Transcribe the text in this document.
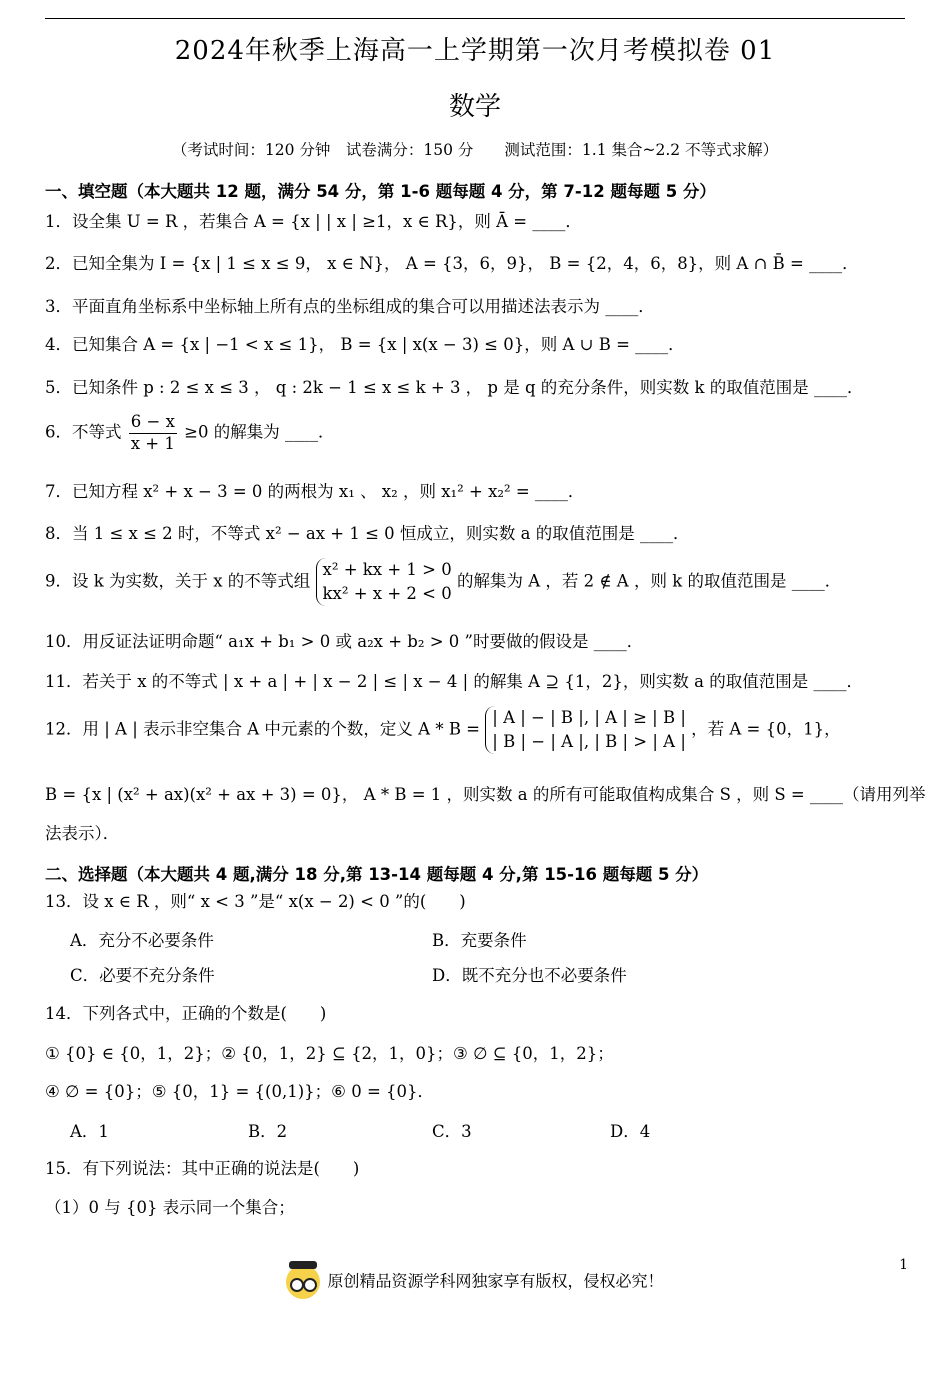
2024年秋季上海高一上学期第一次月考模拟卷 01
数学
（考试时间：120 分钟　试卷满分：150 分　　测试范围：1.1 集合~2.2 不等式求解）
一、填空题（本大题共 12 题，满分 54 分，第 1-6 题每题 4 分，第 7-12 题每题 5 分）
1．设全集 U = R ，若集合 A = {x | | x | ≥1，x ∈ R}，则 Ā = ____．
2．已知全集为 I = {x | 1 ≤ x ≤ 9， x ∈ N}， A = {3，6，9}， B = {2，4，6，8}，则 A ∩ B̄ = ____．
3．平面直角坐标系中坐标轴上所有点的坐标组成的集合可以用描述法表示为 ____．
4．已知集合 A = {x | −1 < x ≤ 1}， B = {x | x(x − 3) ≤ 0}，则 A ∪ B = ____．
5．已知条件 p : 2 ≤ x ≤ 3 ， q : 2k − 1 ≤ x ≤ k + 3 ， p 是 q 的充分条件，则实数 k 的取值范围是 ____．
6．不等式 $\frac{6 - x}{x + 1} \ge 0$ 的解集为 ____．
7．已知方程 x² + x − 3 = 0 的两根为 x₁ 、 x₂ ，则 x₁² + x₂² = ____．
8．当 1 ≤ x ≤ 2 时，不等式 x² − ax + 1 ≤ 0 恒成立，则实数 a 的取值范围是 ____．
9．设 k 为实数，关于 x 的不等式组
x² + kx + 1 > 0
kx² + x + 2 < 0
的解集为 A ，若 2 ∉ A ，则 k 的取值范围是 ____．
10．用反证法证明命题“ a₁x + b₁ > 0 或 a₂x + b₂ > 0 ”时要做的假设是 ____．
11．若关于 x 的不等式 | x + a | + | x − 2 | ≤ | x − 4 | 的解集 A ⊇ {1，2}，则实数 a 的取值范围是 ____．
12．用 | A | 表示非空集合 A 中元素的个数，定义 A * B =
| A | − | B |, | A | ≥ | B |
| B | − | A |, | B | > | A |
，若 A = {0，1}，
B = {x | (x² + ax)(x² + ax + 3) = 0}， A * B = 1 ，则实数 a 的所有可能取值构成集合 S ，则 S = ____（请用列举
法表示）．
二、选择题（本大题共 4 题,满分 18 分,第 13-14 题每题 4 分,第 15-16 题每题 5 分）
13．设 x ∈ R ，则“ x < 3 ”是“ x(x − 2) < 0 ”的(　　)
A．充分不必要条件	B．充要条件
C．必要不充分条件	D．既不充分也不必要条件
14．下列各式中，正确的个数是(　　)
① {0} ∈ {0，1，2}；② {0，1，2} ⊆ {2，1，0}；③ ∅ ⊆ {0，1，2}；
④ ∅ = {0}；⑤ {0，1} = {(0,1)}；⑥ 0 = {0}．
A．1	B．2	C．3	D．4
15．有下列说法：其中正确的说法是(　　)
（1）0 与 {0} 表示同一个集合；
原创精品资源学科网独家享有版权，侵权必究！
1
